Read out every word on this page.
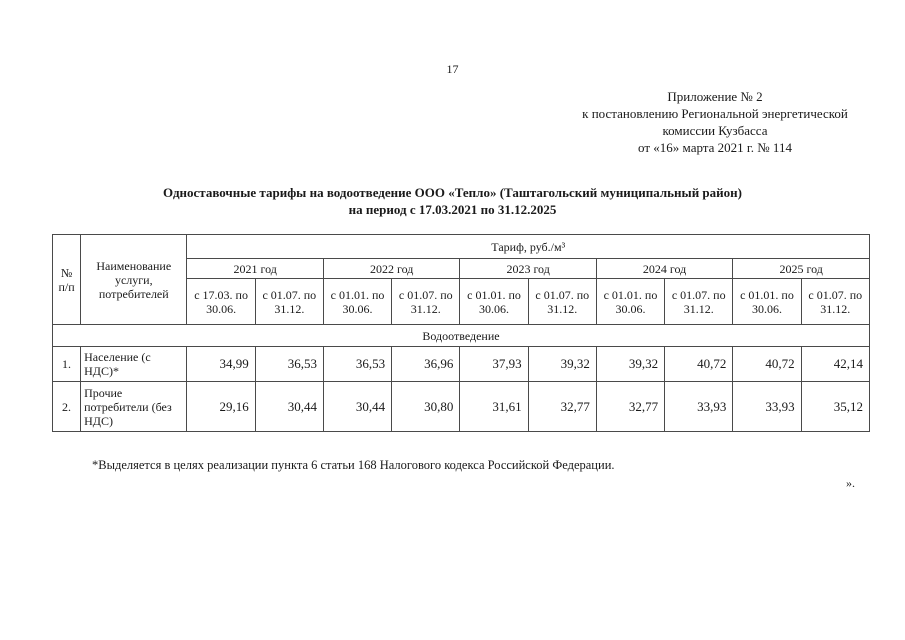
17
Приложение № 2
к постановлению Региональной энергетической
комиссии Кузбасса
от «16» марта 2021 г. № 114
Одноставочные тарифы на водоотведение ООО «Тепло» (Таштагольский муниципальный район)
на период с 17.03.2021 по 31.12.2025
№ п/п	Наименование услуги, потребителей	Тариф, руб./м³									
		2021 год		2022 год		2023 год		2024 год		2025 год	
		с 17.03. по 30.06.	с 01.07. по 31.12.	с 01.01. по 30.06.	с 01.07. по 31.12.	с 01.01. по 30.06.	с 01.07. по 31.12.	с 01.01. по 30.06.	с 01.07. по 31.12.	с 01.01. по 30.06.	с 01.07. по 31.12.
Водоотведение											
1.	Население (с НДС)*	34,99	36,53	36,53	36,96	37,93	39,32	39,32	40,72	40,72	42,14
2.	Прочие потребители (без НДС)	29,16	30,44	30,44	30,80	31,61	32,77	32,77	33,93	33,93	35,12
*Выделяется в целях реализации пункта 6 статьи 168 Налогового кодекса Российской Федерации.
».
